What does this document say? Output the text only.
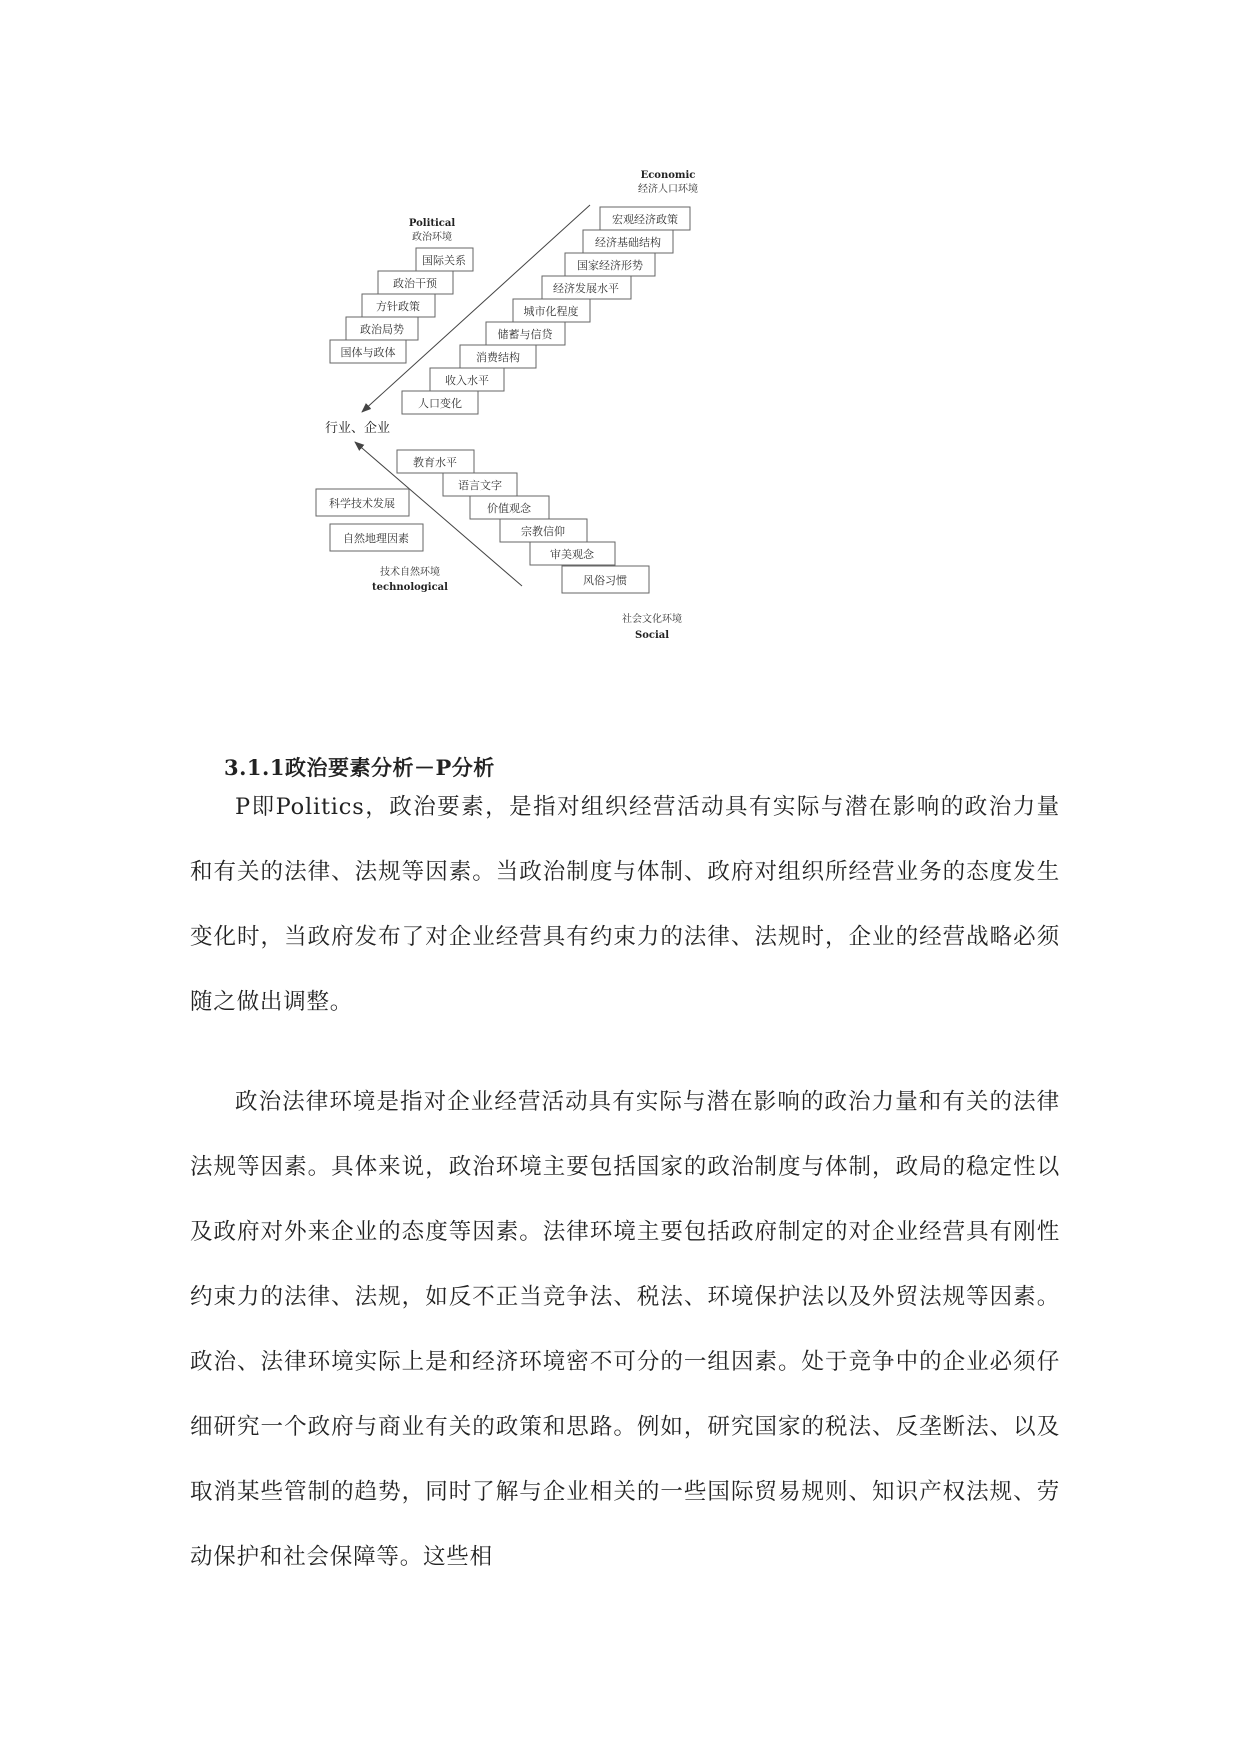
Political
政治环境
国际关系
政治干预
方针政策
政治局势
国体与政体
Economic
经济人口环境
宏观经济政策
经济基础结构
国家经济形势
经济发展水平
城市化程度
储蓄与信贷
消费结构
收入水平
人口变化
行业、企业
科学技术发展
自然地理因素
技术自然环境
technological
教育水平
语言文字
价值观念
宗教信仰
审美观念
风俗习惯
社会文化环境
Social
3.1.1政治要素分析－P分析

P即Politics，政治要素，是指对组织经营活动具有实际与潜在影响的政治力量和有关的法律、法规等因素。当政治制度与体制、政府对组织所经营业务的态度发生变化时，当政府发布了对企业经营具有约束力的法律、法规时，企业的经营战略必须随之做出调整。

政治法律环境是指对企业经营活动具有实际与潜在影响的政治力量和有关的法律法规等因素。具体来说，政治环境主要包括国家的政治制度与体制，政局的稳定性以及政府对外来企业的态度等因素。法律环境主要包括政府制定的对企业经营具有刚性约束力的法律、法规，如反不正当竞争法、税法、环境保护法以及外贸法规等因素。政治、法律环境实际上是和经济环境密不可分的一组因素。处于竞争中的企业必须仔细研究一个政府与商业有关的政策和思路。例如，研究国家的税法、反垄断法、以及取消某些管制的趋势，同时了解与企业相关的一些国际贸易规则、知识产权法规、劳动保护和社会保障等。这些相
